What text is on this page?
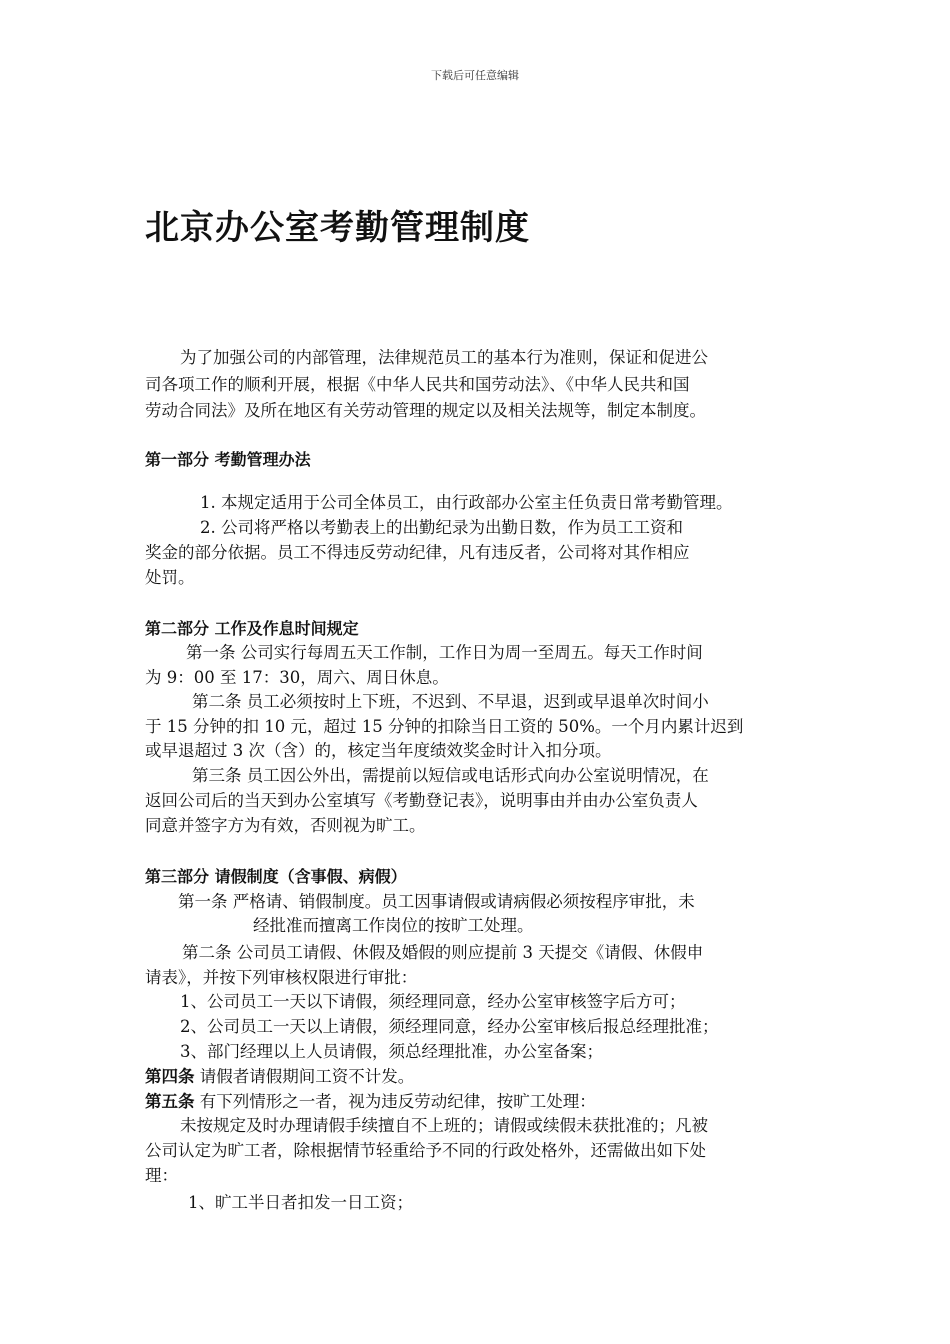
下载后可任意编辑
北京办公室考勤管理制度
为了加强公司的内部管理，法律规范员工的基本行为准则，保证和促进公
司各项工作的顺利开展，根据《中华人民共和国劳动法》、《中华人民共和国
劳动合同法》及所在地区有关劳动管理的规定以及相关法规等，制定本制度。
第一部分 考勤管理办法
1. 本规定适用于公司全体员工，由行政部办公室主任负责日常考勤管理。
2. 公司将严格以考勤表上的出勤纪录为出勤日数，作为员工工资和
奖金的部分依据。员工不得违反劳动纪律，凡有违反者，公司将对其作相应
处罚。
第二部分 工作及作息时间规定
第一条 公司实行每周五天工作制，工作日为周一至周五。每天工作时间
为 9：00 至 17：30，周六、周日休息。
第二条 员工必须按时上下班，不迟到、不早退，迟到或早退单次时间小
于 15 分钟的扣 10 元，超过 15 分钟的扣除当日工资的 50%。一个月内累计迟到
或早退超过 3 次（含）的，核定当年度绩效奖金时计入扣分项。
第三条 员工因公外出，需提前以短信或电话形式向办公室说明情况，在
返回公司后的当天到办公室填写《考勤登记表》，说明事由并由办公室负责人
同意并签字方为有效，否则视为旷工。
第三部分 请假制度（含事假、病假）
第一条 严格请、销假制度。员工因事请假或请病假必须按程序审批，未
经批准而擅离工作岗位的按旷工处理。
第二条 公司员工请假、休假及婚假的则应提前 3 天提交《请假、休假申
请表》，并按下列审核权限进行审批：
1、公司员工一天以下请假，须经理同意，经办公室审核签字后方可；
2、公司员工一天以上请假，须经理同意，经办公室审核后报总经理批准；
3、部门经理以上人员请假，须总经理批准，办公室备案；
第四条 请假者请假期间工资不计发。
第五条 有下列情形之一者，视为违反劳动纪律，按旷工处理：
未按规定及时办理请假手续擅自不上班的；请假或续假未获批准的；凡被
公司认定为旷工者，除根据情节轻重给予不同的行政处格外，还需做出如下处
理：
1、旷工半日者扣发一日工资；
